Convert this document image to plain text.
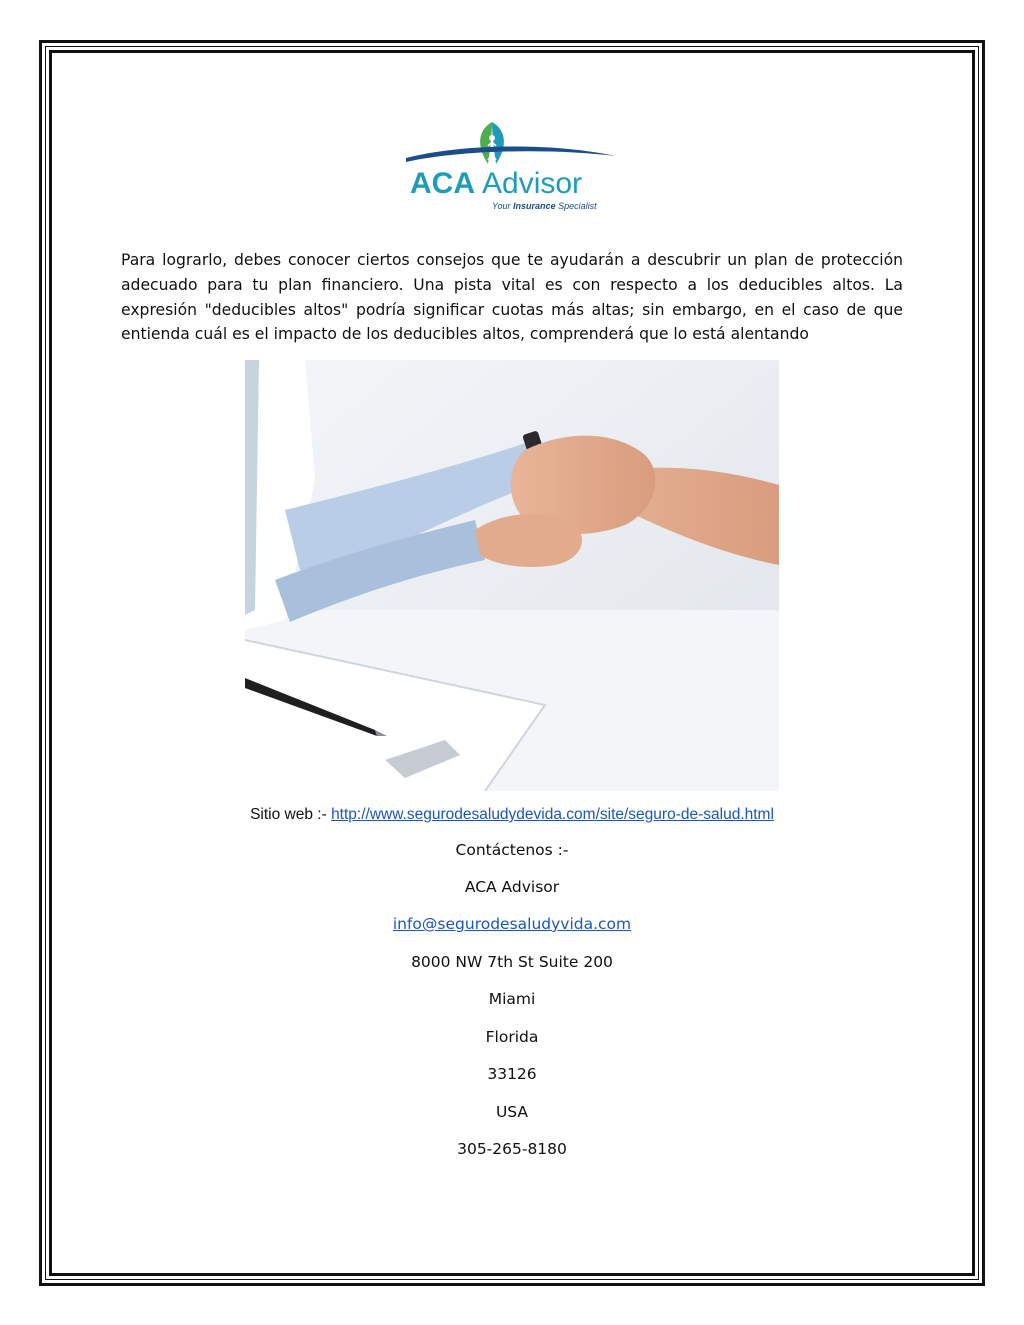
ACA Advisor
Your Insurance Specialist

Para lograrlo, debes conocer ciertos consejos que te ayudarán a descubrir un plan de protección adecuado para tu plan financiero. Una pista vital es con respecto a los deducibles altos. La expresión "deducibles altos" podría significar cuotas más altas; sin embargo, en el caso de que entienda cuál es el impacto de los deducibles altos, comprenderá que lo está alentando

Sitio web :- http://www.segurodesaludydevida.com/site/seguro-de-salud.html
Contáctenos :-
ACA Advisor
info@segurodesaludyvida.com
8000 NW 7th St Suite 200
Miami
Florida
33126
USA
305-265-8180
